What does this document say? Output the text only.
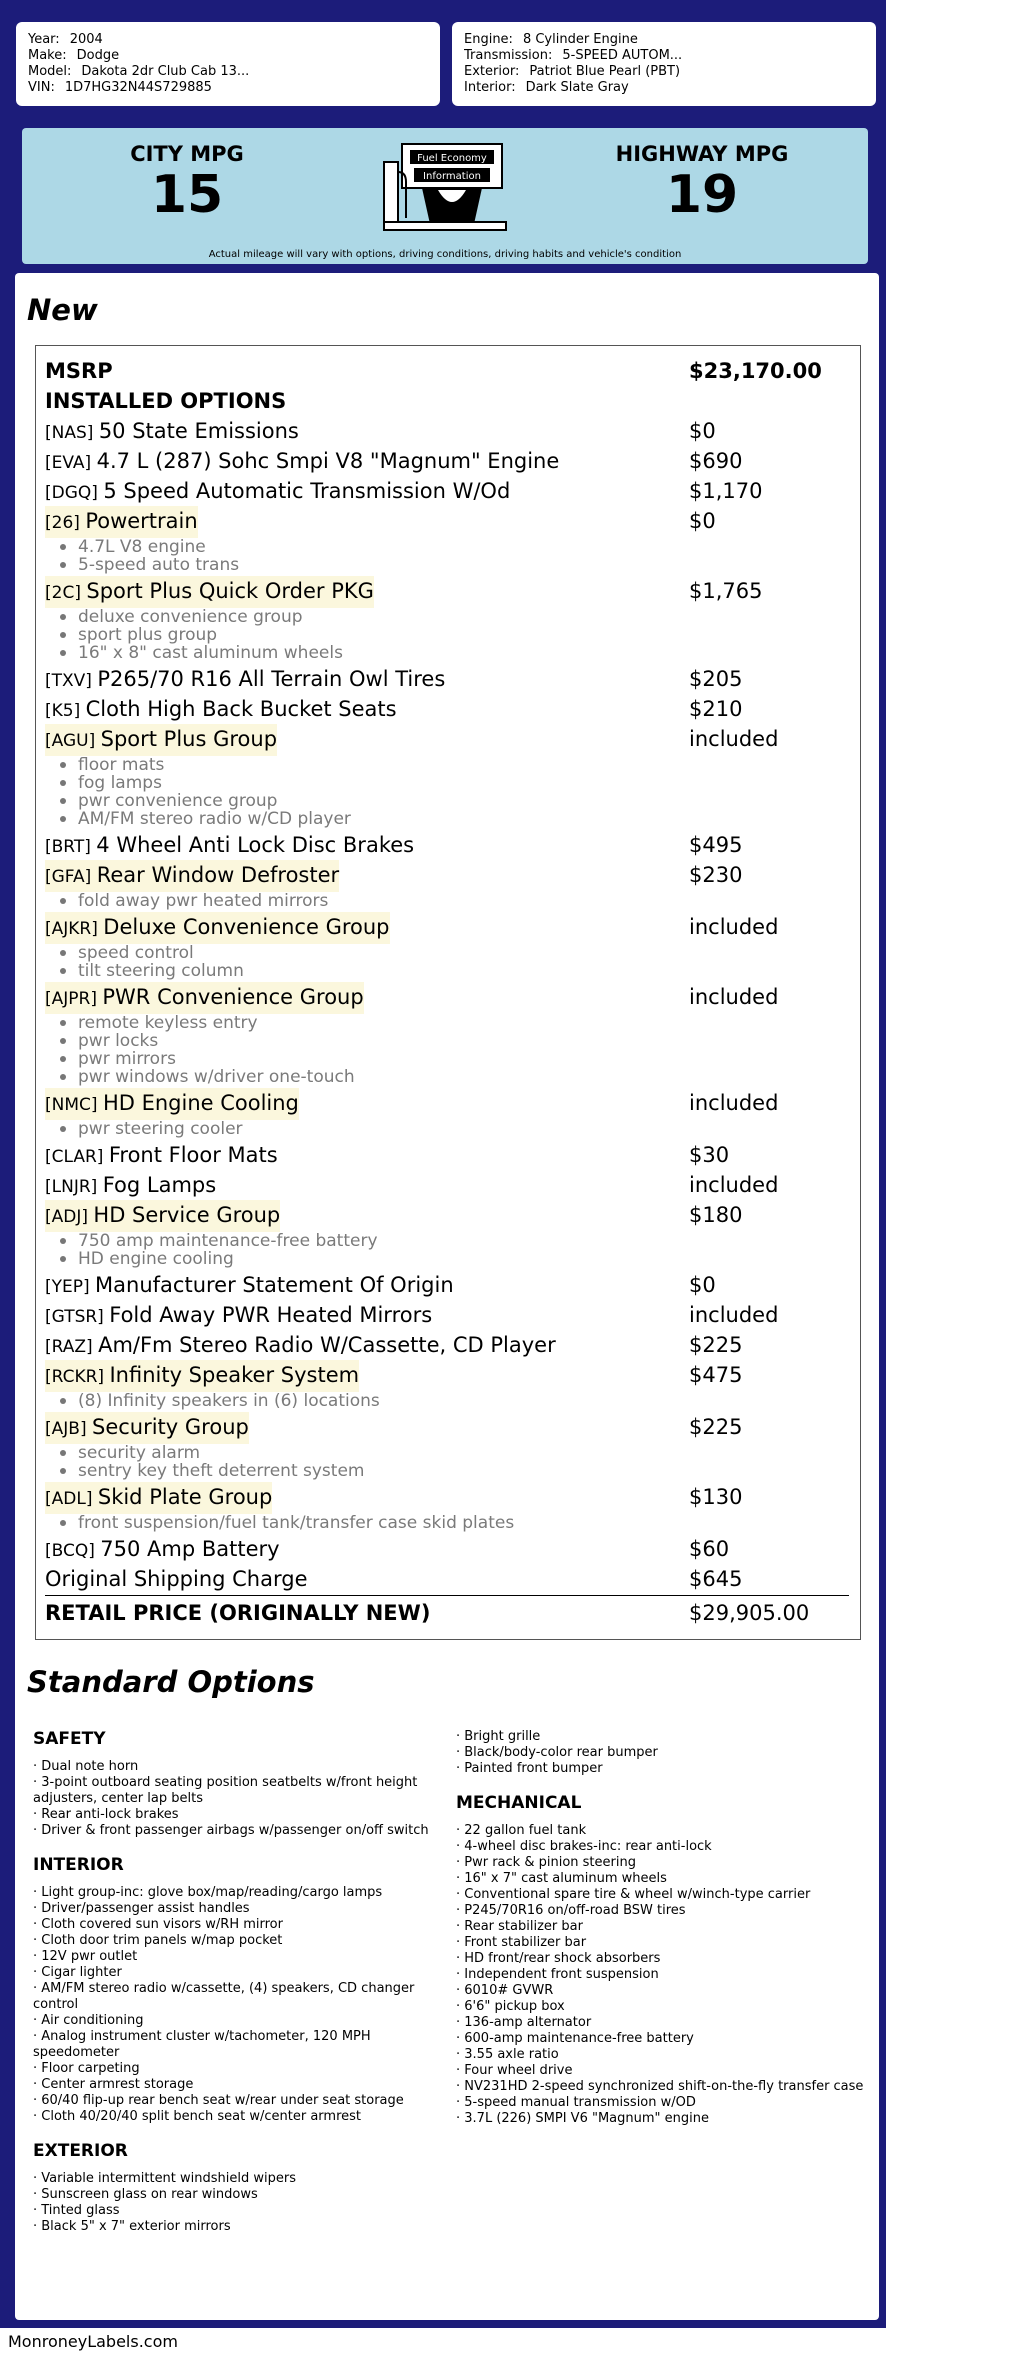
Year: 2004
Make: Dodge
Model: Dakota 2dr Club Cab 13...
VIN: 1D7HG32N44S729885
Engine: 8 Cylinder Engine
Transmission: 5-SPEED AUTOM...
Exterior: Patriot Blue Pearl (PBT)
Interior: Dark Slate Gray
CITY MPG
15
Fuel Economy
Information
HIGHWAY MPG
19
Actual mileage will vary with options, driving conditions, driving habits and vehicle's condition
New
MSRP	$23,170.00
INSTALLED OPTIONS
[NAS] 50 State Emissions	$0
[EVA] 4.7 L (287) Sohc Smpi V8 "Magnum" Engine	$690
[DGQ] 5 Speed Automatic Transmission W/Od	$1,170
[26] Powertrain	$0
4.7L V8 engine
5-speed auto trans
[2C] Sport Plus Quick Order PKG	$1,765
deluxe convenience group
sport plus group
16" x 8" cast aluminum wheels
[TXV] P265/70 R16 All Terrain Owl Tires	$205
[K5] Cloth High Back Bucket Seats	$210
[AGU] Sport Plus Group	included
floor mats
fog lamps
pwr convenience group
AM/FM stereo radio w/CD player
[BRT] 4 Wheel Anti Lock Disc Brakes	$495
[GFA] Rear Window Defroster	$230
fold away pwr heated mirrors
[AJKR] Deluxe Convenience Group	included
speed control
tilt steering column
[AJPR] PWR Convenience Group	included
remote keyless entry
pwr locks
pwr mirrors
pwr windows w/driver one-touch
[NMC] HD Engine Cooling	included
pwr steering cooler
[CLAR] Front Floor Mats	$30
[LNJR] Fog Lamps	included
[ADJ] HD Service Group	$180
750 amp maintenance-free battery
HD engine cooling
[YEP] Manufacturer Statement Of Origin	$0
[GTSR] Fold Away PWR Heated Mirrors	included
[RAZ] Am/Fm Stereo Radio W/Cassette, CD Player	$225
[RCKR] Infinity Speaker System	$475
(8) Infinity speakers in (6) locations
[AJB] Security Group	$225
security alarm
sentry key theft deterrent system
[ADL] Skid Plate Group	$130
front suspension/fuel tank/transfer case skid plates
[BCQ] 750 Amp Battery	$60
Original Shipping Charge	$645
RETAIL PRICE (ORIGINALLY NEW)	$29,905.00
Standard Options
SAFETY
· Dual note horn
· 3-point outboard seating position seatbelts w/front height adjusters, center lap belts
· Rear anti-lock brakes
· Driver & front passenger airbags w/passenger on/off switch
INTERIOR
· Light group-inc: glove box/map/reading/cargo lamps
· Driver/passenger assist handles
· Cloth covered sun visors w/RH mirror
· Cloth door trim panels w/map pocket
· 12V pwr outlet
· Cigar lighter
· AM/FM stereo radio w/cassette, (4) speakers, CD changer control
· Air conditioning
· Analog instrument cluster w/tachometer, 120 MPH speedometer
· Floor carpeting
· Center armrest storage
· 60/40 flip-up rear bench seat w/rear under seat storage
· Cloth 40/20/40 split bench seat w/center armrest
EXTERIOR
· Variable intermittent windshield wipers
· Sunscreen glass on rear windows
· Tinted glass
· Black 5" x 7" exterior mirrors
· Bright grille
· Black/body-color rear bumper
· Painted front bumper
MECHANICAL
· 22 gallon fuel tank
· 4-wheel disc brakes-inc: rear anti-lock
· Pwr rack & pinion steering
· 16" x 7" cast aluminum wheels
· Conventional spare tire & wheel w/winch-type carrier
· P245/70R16 on/off-road BSW tires
· Rear stabilizer bar
· Front stabilizer bar
· HD front/rear shock absorbers
· Independent front suspension
· 6010# GVWR
· 6'6" pickup box
· 136-amp alternator
· 600-amp maintenance-free battery
· 3.55 axle ratio
· Four wheel drive
· NV231HD 2-speed synchronized shift-on-the-fly transfer case
· 5-speed manual transmission w/OD
· 3.7L (226) SMPI V6 "Magnum" engine
MonroneyLabels.com
